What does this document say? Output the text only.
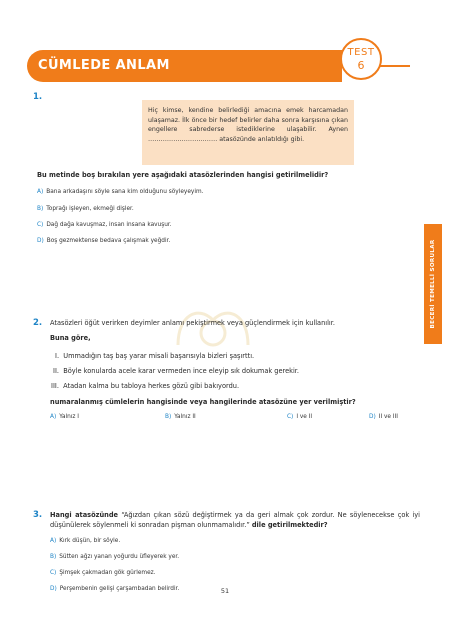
CÜMLEDE ANLAM
TEST
6
BECERİ TEMELLİ SORULAR
1.
Hiç kimse, kendine belirlediği amacına emek harcamadan ulaşamaz. İlk önce bir hedef belirler daha sonra karşısına çıkan engellere sabrederse istediklerine ulaşabilir. Aynen …………………………… atasözünde anlatıldığı gibi.
Bu metinde boş bırakılan yere aşağıdaki atasözlerinden hangisi getirilmelidir?
A) Bana arkadaşını söyle sana kim olduğunu söyleyeyim.
B) Toprağı işleyen, ekmeği dişler.
C) Dağ dağa kavuşmaz, insan insana kavuşur.
D) Boş gezmektense bedava çalışmak yeğdir.
2. Atasözleri öğüt verirken deyimler anlamı pekiştirmek veya güçlendirmek için kullanılır.
Buna göre,
I. Ummadığın taş baş yarar misali başarısıyla bizleri şaşırttı.
II. Böyle konularda acele karar vermeden ince eleyip sık dokumak gerekir.
III. Atadan kalma bu tabloya herkes gözü gibi bakıyordu.
numaralanmış cümlelerin hangisinde veya hangilerinde atasözüne yer verilmiştir?
A) Yalnız I	B) Yalnız II	C) I ve II	D) II ve III
3. Hangi atasözünde “Ağızdan çıkan sözü değiştirmek ya da geri almak çok zordur. Ne söylenecekse çok iyi düşünülerek söylenmeli ki sonradan pişman olunmamalıdır.” dile getirilmektedir?
A) Kırk düşün, bir söyle.
B) Sütten ağzı yanan yoğurdu üfleyerek yer.
C) Şimşek çakmadan gök gürlemez.
D) Perşembenin gelişi çarşambadan belirdir.	51
